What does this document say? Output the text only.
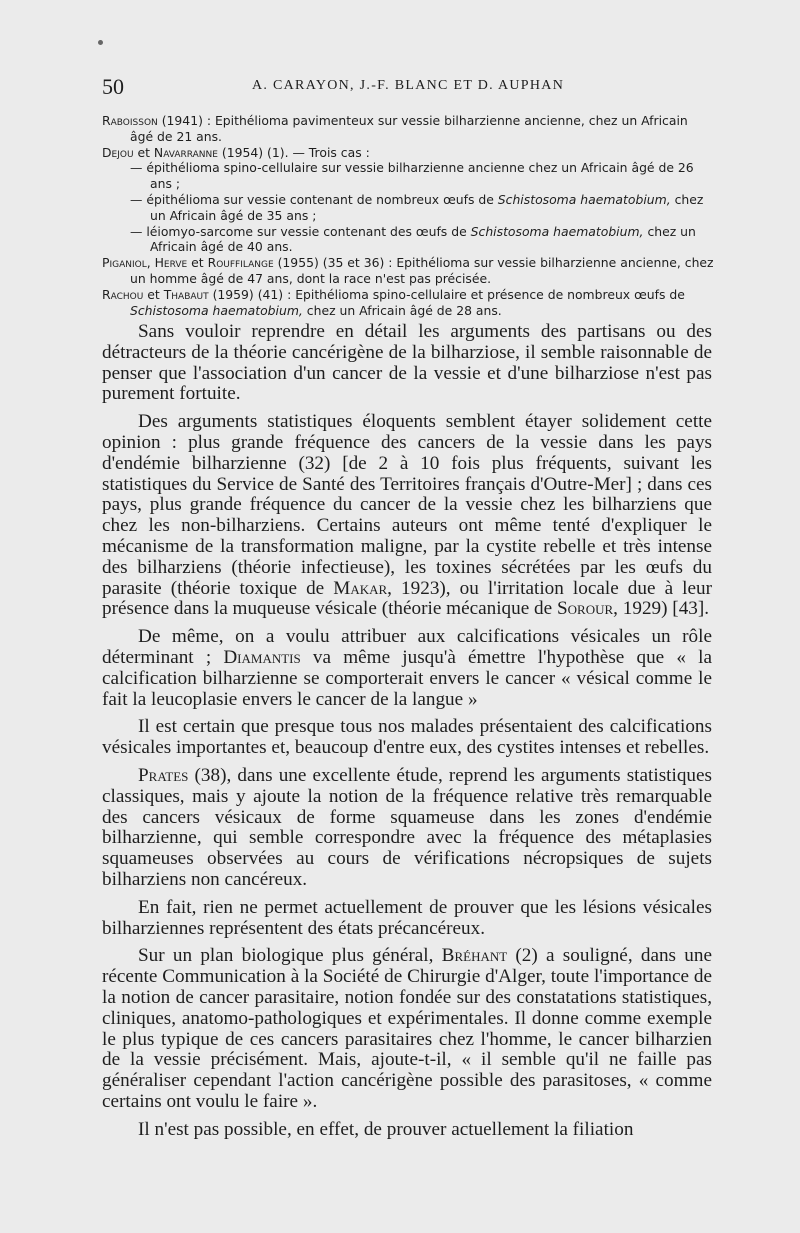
50	A. CARAYON, J.-F. BLANC ET D. AUPHAN
Raboisson (1941) : Epithélioma pavimenteux sur vessie bilharzienne ancienne, chez un Africain âgé de 21 ans.
Dejou et Navarranne (1954) (1). — Trois cas :
— épithélioma spino-cellulaire sur vessie bilharzienne ancienne chez un Africain âgé de 26 ans ;
— épithélioma sur vessie contenant de nombreux œufs de Schistosoma haematobium, chez un Africain âgé de 35 ans ;
— léiomyo-sarcome sur vessie contenant des œufs de Schistosoma haematobium, chez un Africain âgé de 40 ans.
Piganiol, Herve et Rouffilange (1955) (35 et 36) : Epithélioma sur vessie bilharzienne ancienne, chez un homme âgé de 47 ans, dont la race n'est pas précisée.
Rachou et Thabaut (1959) (41) : Epithélioma spino-cellulaire et présence de nombreux œufs de Schistosoma haematobium, chez un Africain âgé de 28 ans.

Sans vouloir reprendre en détail les arguments des partisans ou des détracteurs de la théorie cancérigène de la bilharziose, il semble raisonnable de penser que l'association d'un cancer de la vessie et d'une bilharziose n'est pas purement fortuite.

Des arguments statistiques éloquents semblent étayer solidement cette opinion : plus grande fréquence des cancers de la vessie dans les pays d'endémie bilharzienne (32) [de 2 à 10 fois plus fréquents, suivant les statistiques du Service de Santé des Territoires français d'Outre-Mer] ; dans ces pays, plus grande fréquence du cancer de la vessie chez les bilharziens que chez les non-bilharziens. Certains auteurs ont même tenté d'expliquer le mécanisme de la transformation maligne, par la cystite rebelle et très intense des bilharziens (théorie infectieuse), les toxines sécrétées par les œufs du parasite (théorie toxique de Makar, 1923), ou l'irritation locale due à leur présence dans la muqueuse vésicale (théorie mécanique de Sorour, 1929) [43].

De même, on a voulu attribuer aux calcifications vésicales un rôle déterminant ; Diamantis va même jusqu'à émettre l'hypothèse que « la calcification bilharzienne se comporterait envers le cancer « vésical comme le fait la leucoplasie envers le cancer de la langue »

Il est certain que presque tous nos malades présentaient des calcifications vésicales importantes et, beaucoup d'entre eux, des cystites intenses et rebelles.

Prates (38), dans une excellente étude, reprend les arguments statistiques classiques, mais y ajoute la notion de la fréquence relative très remarquable des cancers vésicaux de forme squameuse dans les zones d'endémie bilharzienne, qui semble correspondre avec la fréquence des métaplasies squameuses observées au cours de vérifications nécropsiques de sujets bilharziens non cancéreux.

En fait, rien ne permet actuellement de prouver que les lésions vésicales bilharziennes représentent des états précancéreux.

Sur un plan biologique plus général, Bréhant (2) a souligné, dans une récente Communication à la Société de Chirurgie d'Alger, toute l'importance de la notion de cancer parasitaire, notion fondée sur des constatations statistiques, cliniques, anatomo-pathologiques et expérimentales. Il donne comme exemple le plus typique de ces cancers parasitaires chez l'homme, le cancer bilharzien de la vessie précisément. Mais, ajoute-t-il, « il semble qu'il ne faille pas généraliser cependant l'action cancérigène possible des parasitoses, « comme certains ont voulu le faire ».

Il n'est pas possible, en effet, de prouver actuellement la filiation
